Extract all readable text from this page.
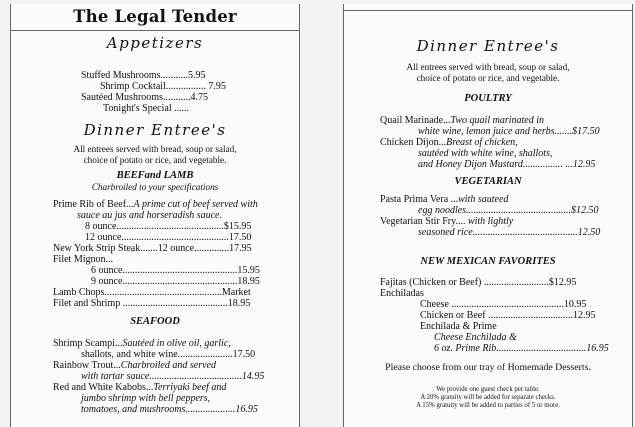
The Legal Tender
Appetizers
Stuffed Mushrooms...........5.95
Shrimp Cocktail................ 7.95
Sautéed Mushrooms...........4.75
Tonight's Special ......
Dinner Entree's
All entrees served with bread, soup or salad,
choice of potato or rice, and vegetable.
BEEFand LAMB
Charbroiled to your specifications
Prime Rib of Beef...A prime cut of beef served with
sauce au jus and horseradish sauce.
8 ounce...........................................$15.95
12 ounce...........................................17.50
New York Strip Steak.......12 ounce..............17.95
Filet Mignon...
6 ounce..............................................15.95
9 ounce..............................................18.95
Lamb Chops...............................................Market
Filet and Shrimp ..........................................18.95
SEAFOOD
Shrimp Scampi...Sautéed in olive oil, garlic,
shallots, and white wine......................17.50
Rainbow Trout...Charbroiled and served
with tartar sauce.....................................14.95
Red and White Kabobs...Terriyaki beef and
jumbo shrimp with bell peppers,
tomatoes, and mushrooms....................16.95
Dinner Entree's
All entrees served with bread, soup or salad,
choice of potato or rice, and vegetable.
POULTRY
Quail Marinade...Two quail marinated in
white wine, lemon juice and herbs.......$17.50
Chicken Dijon...Breast of chicken,
sautéed with white wine, shallots,
and Honey Dijon Mustard................ ...12.95
VEGETARIAN
Pasta Prima Vera ...with sauteed
egg noodles..........................................$12.50
Vegetarian Stir Fry.... with lightly
seasoned rice..........................................12.50
NEW MEXICAN FAVORITES
Fajitas (Chicken or Beef) ..........................$12.95
Enchiladas
Cheese .............................................10.95
Chicken or Beef ..................................12.95
Enchilada & Prime
Cheese Enchilada &
6 oz. Prime Rib....................................16.95
Please choose from our tray of Homemade Desserts.
We provide one guest check per table.
A 20% gratuity will be added for separate checks.
A 15% gratuity will be added to parties of 5 or more.
